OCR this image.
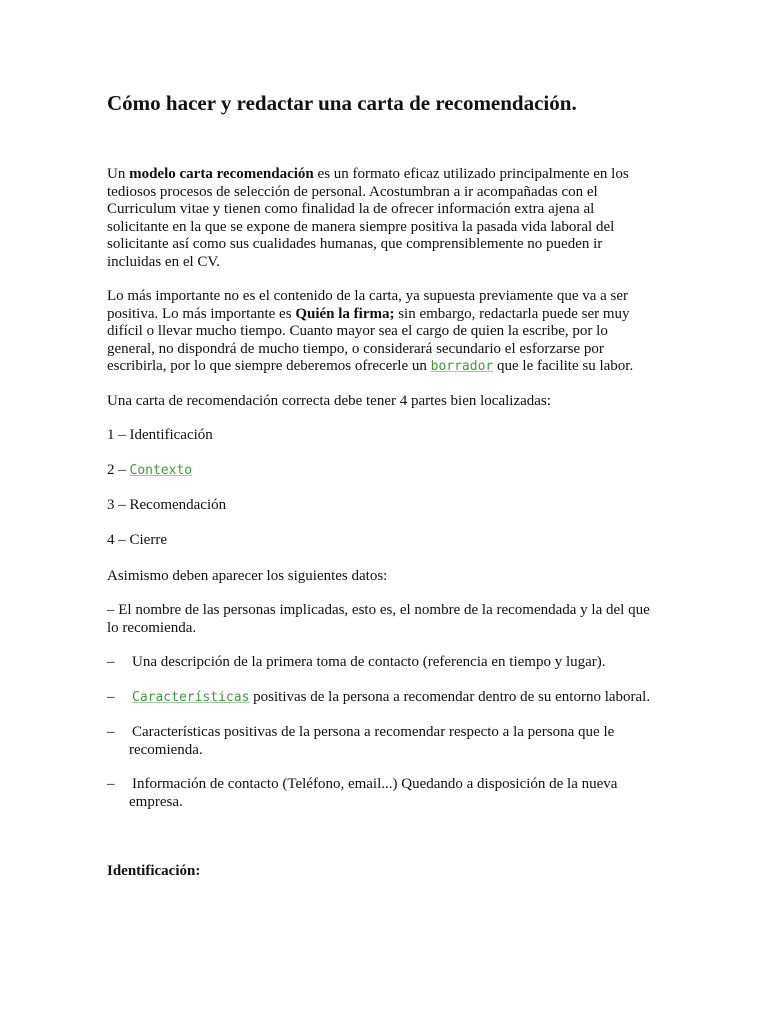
Cómo hacer y redactar una carta de recomendación.
Un modelo carta recomendación es un formato eficaz utilizado principalmente en los
tediosos procesos de selección de personal. Acostumbran a ir acompañadas con el
Curriculum vitae y tienen como finalidad la de ofrecer información extra ajena al
solicitante en la que se expone de manera siempre positiva la pasada vida laboral del
solicitante así como sus cualidades humanas, que comprensiblemente no pueden ir
incluidas en el CV.
Lo más importante no es el contenido de la carta, ya supuesta previamente que va a ser
positiva. Lo más importante es Quién la firma; sin embargo, redactarla puede ser muy
difícil o llevar mucho tiempo. Cuanto mayor sea el cargo de quien la escribe, por lo
general, no dispondrá de mucho tiempo, o considerará secundario el esforzarse por
escribirla, por lo que siempre deberemos ofrecerle un borrador que le facilite su labor.

Una carta de recomendación correcta debe tener 4 partes bien localizadas:

1 – Identificación

2 – Contexto

3 – Recomendación

4 – Cierre

Asimismo deben aparecer los siguientes datos:

– El nombre de las personas implicadas, esto es, el nombre de la recomendada y la del que
lo recomienda.
– Una descripción de la primera toma de contacto (referencia en tiempo y lugar).
– Características positivas de la persona a recomendar dentro de su entorno laboral.
– Características positivas de la persona a recomendar respecto a la persona que le
recomienda.
– Información de contacto (Teléfono, email...) Quedando a disposición de la nueva
empresa.

Identificación:
